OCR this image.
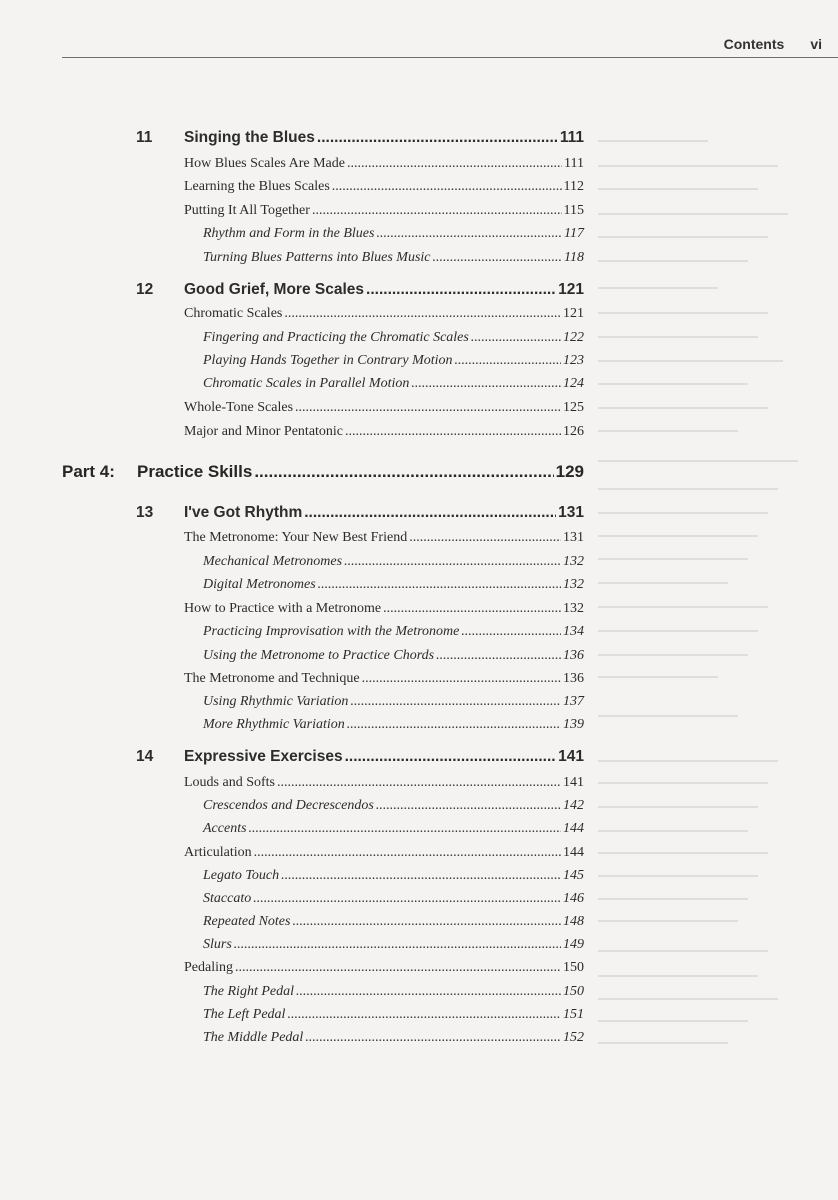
Contents vi
11 Singing the Blues .....	111
How Blues Scales Are Made .....	111
Learning the Blues Scales .....	112
Putting It All Together .....	115
Rhythm and Form in the Blues .....	117
Turning Blues Patterns into Blues Music .....	118
12 Good Grief, More Scales .....	121
Chromatic Scales .....	121
Fingering and Practicing the Chromatic Scales .....	122
Playing Hands Together in Contrary Motion .....	123
Chromatic Scales in Parallel Motion .....	124
Whole-Tone Scales .....	125
Major and Minor Pentatonic .....	126
Part 4:	Practice Skills .....	129
13 I've Got Rhythm .....	131
The Metronome: Your New Best Friend .....	131
Mechanical Metronomes .....	132
Digital Metronomes .....	132
How to Practice with a Metronome .....	132
Practicing Improvisation with the Metronome .....	134
Using the Metronome to Practice Chords .....	136
The Metronome and Technique .....	136
Using Rhythmic Variation .....	137
More Rhythmic Variation .....	139
14 Expressive Exercises .....	141
Louds and Softs .....	141
Crescendos and Decrescendos .....	142
Accents .....	144
Articulation .....	144
Legato Touch .....	145
Staccato .....	146
Repeated Notes .....	148
Slurs .....	149
Pedaling .....	150
The Right Pedal .....	150
The Left Pedal .....	151
The Middle Pedal .....	152
